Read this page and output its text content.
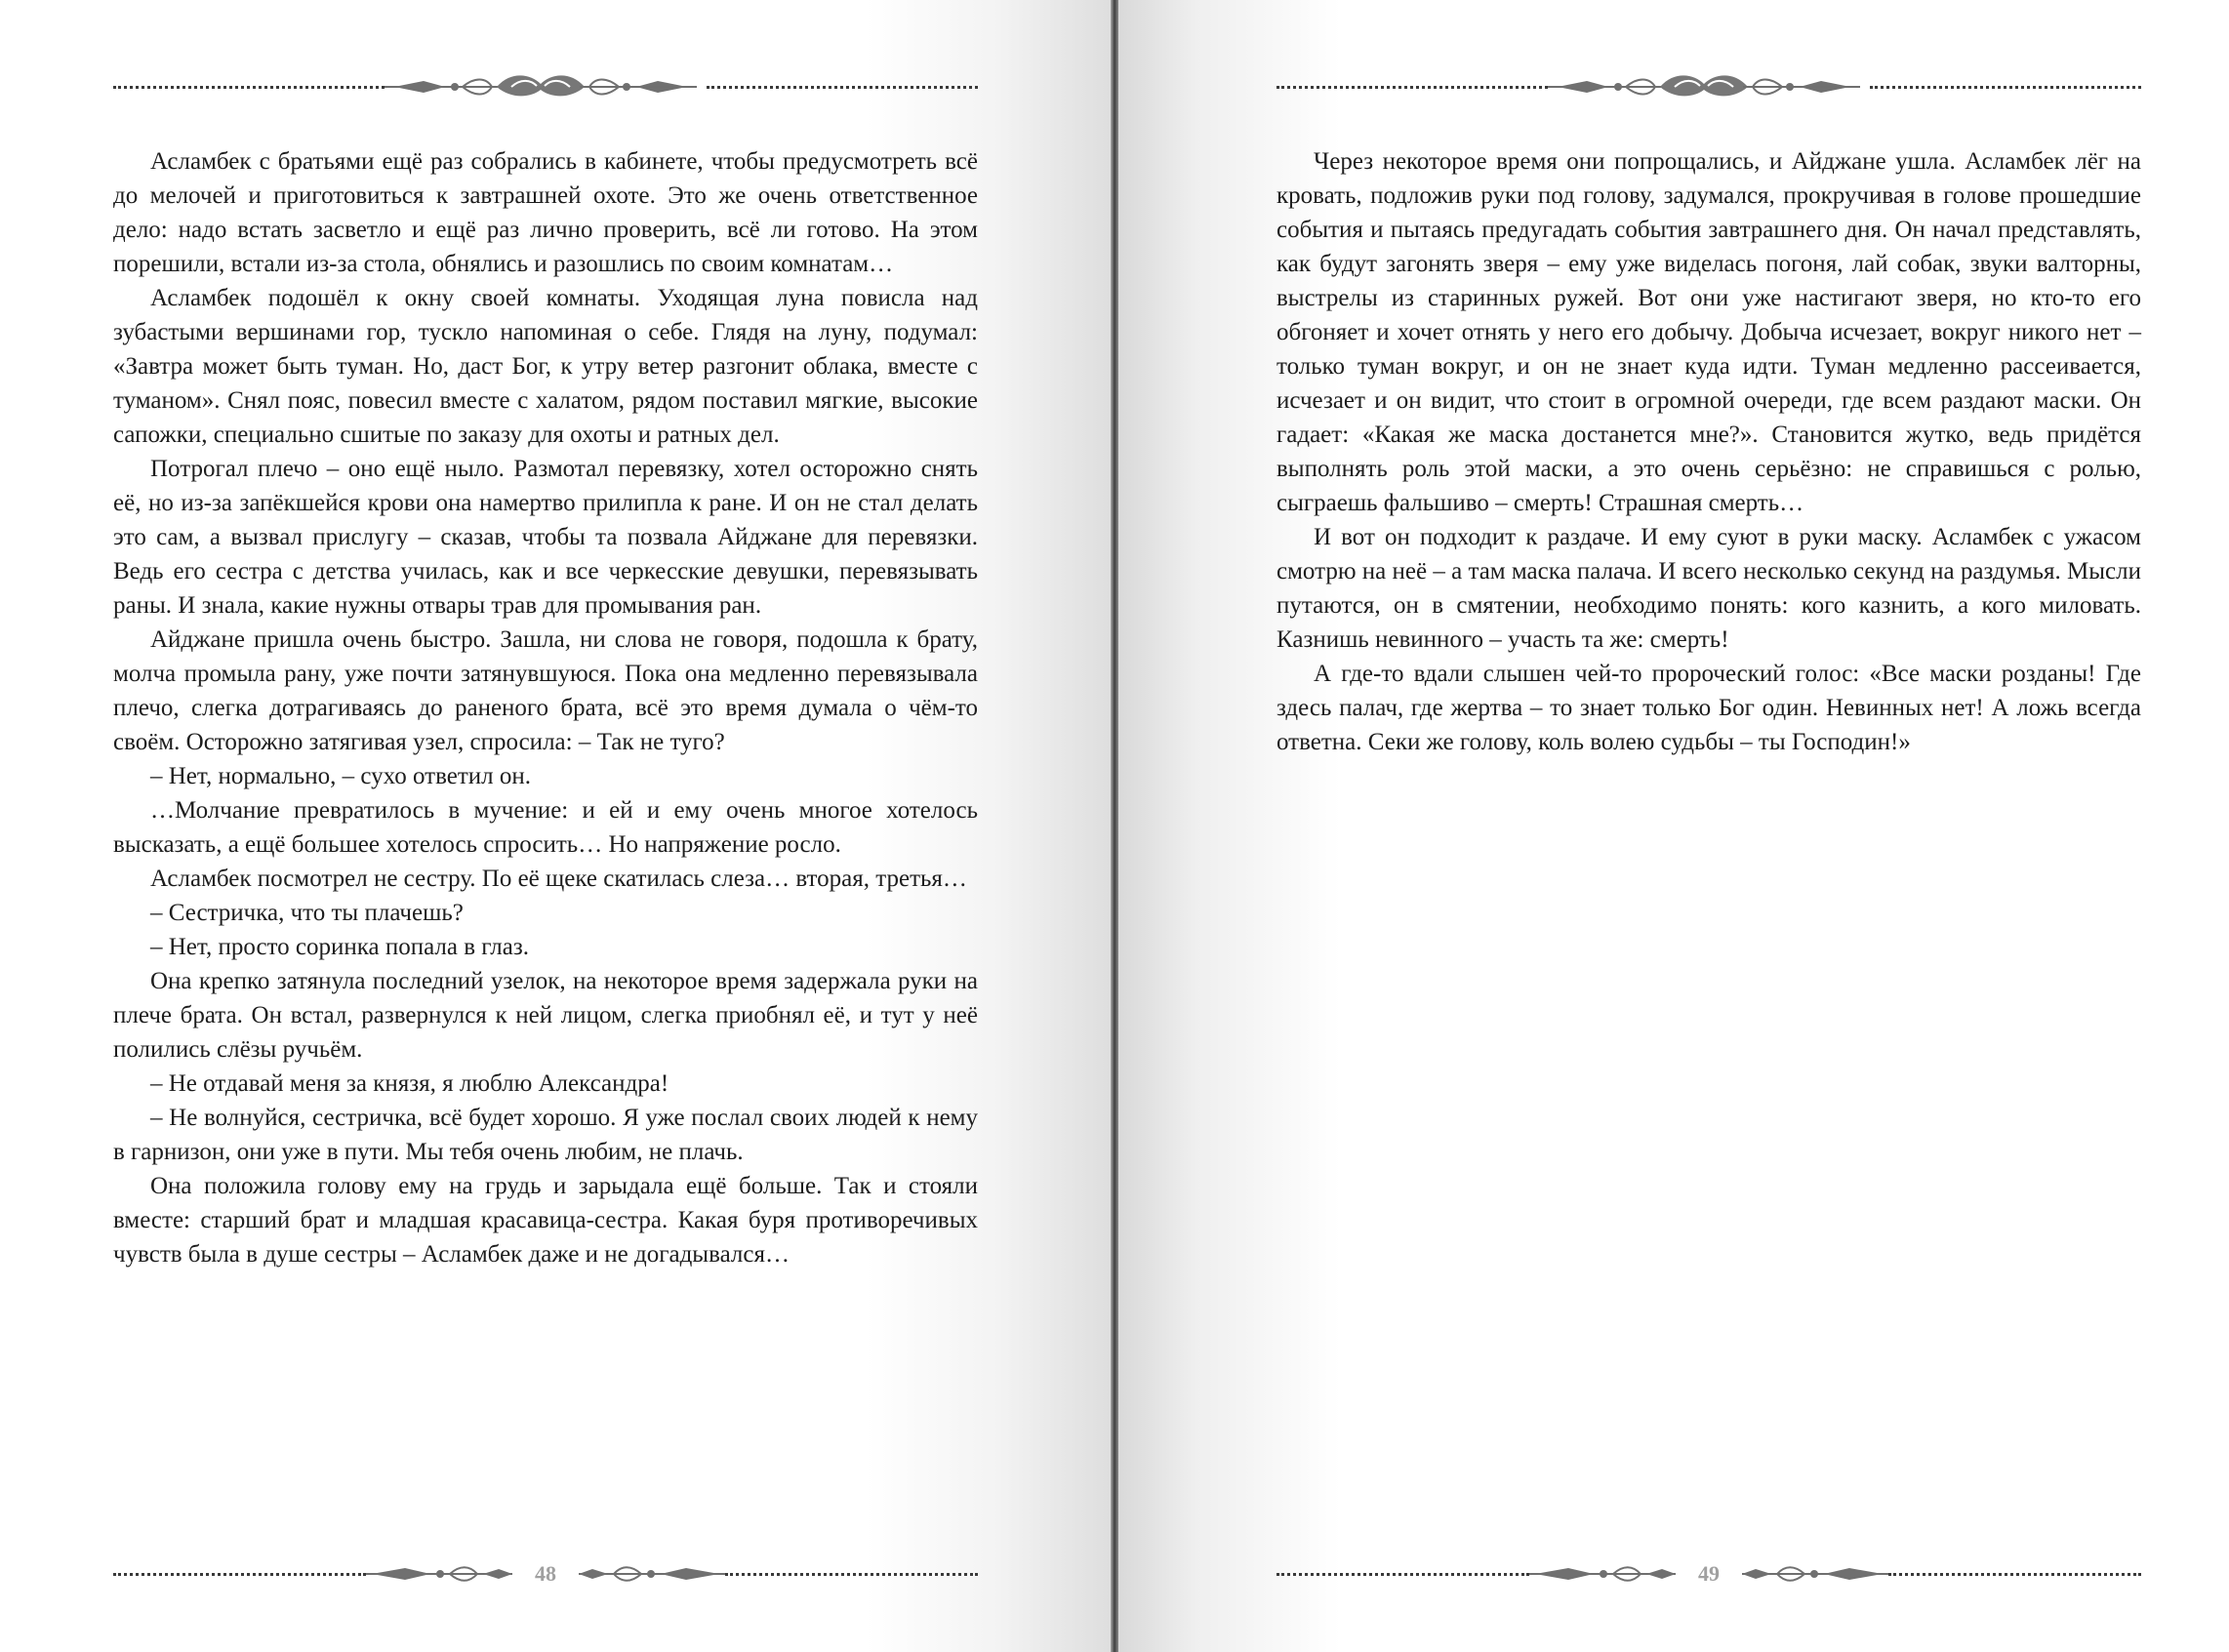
Асламбек с братьями ещё раз собрались в кабинете, чтобы предусмотреть всё до мелочей и приготовиться к завтрашней охоте. Это же очень ответственное дело: надо встать засветло и ещё раз лично проверить, всё ли готово. На этом порешили, встали из-за стола, обнялись и разошлись по своим комнатам…

Асламбек подошёл к окну своей комнаты. Уходящая луна повисла над зубастыми вершинами гор, тускло напоминая о себе. Глядя на луну, подумал: «Завтра может быть туман. Но, даст Бог, к утру ветер разгонит облака, вместе с туманом». Снял пояс, повесил вместе с халатом, рядом поставил мягкие, высокие сапожки, специально сшитые по заказу для охоты и ратных дел.

Потрогал плечо – оно ещё ныло. Размотал перевязку, хотел осторожно снять её, но из-за запёкшейся крови она намертво прилипла к ране. И он не стал делать это сам, а вызвал прислугу – сказав, чтобы та позвала Айджане для перевязки. Ведь его сестра с детства училась, как и все черкесские девушки, перевязывать раны. И знала, какие нужны отвары трав для промывания ран.

Айджане пришла очень быстро. Зашла, ни слова не говоря, подошла к брату, молча промыла рану, уже почти затянувшуюся. Пока она медленно перевязывала плечо, слегка дотрагиваясь до раненого брата, всё это время думала о чём-то своём. Осторожно затягивая узел, спросила: – Так не туго?

– Нет, нормально, – сухо ответил он.

…Молчание превратилось в мучение: и ей и ему очень многое хотелось высказать, а ещё большее хотелось спросить… Но напряжение росло.

Асламбек посмотрел не сестру. По её щеке скатилась слеза… вторая, третья…

– Сестричка, что ты плачешь?

– Нет, просто соринка попала в глаз.

Она крепко затянула последний узелок, на некоторое время задержала руки на плече брата. Он встал, развернулся к ней лицом, слегка приобнял её, и тут у неё полились слёзы ручьём.

– Не отдавай меня за князя, я люблю Александра!

– Не волнуйся, сестричка, всё будет хорошо. Я уже послал своих людей к нему в гарнизон, они уже в пути. Мы тебя очень любим, не плачь.

Она положила голову ему на грудь и зарыдала ещё больше. Так и стояли вместе: старший брат и младшая красавица-сестра. Какая буря противоречивых чувств была в душе сестры – Асламбек даже и не догадывался…

48

Через некоторое время они попрощались, и Айджане ушла. Асламбек лёг на кровать, подложив руки под голову, задумался, прокручивая в голове прошедшие события и пытаясь предугадать события завтрашнего дня. Он начал представлять, как будут загонять зверя – ему уже виделась погоня, лай собак, звуки валторны, выстрелы из старинных ружей. Вот они уже настигают зверя, но кто-то его обгоняет и хочет отнять у него его добычу. Добыча исчезает, вокруг никого нет – только туман вокруг, и он не знает куда идти. Туман медленно рассеивается, исчезает и он видит, что стоит в огромной очереди, где всем раздают маски. Он гадает: «Какая же маска достанется мне?». Становится жутко, ведь придётся выполнять роль этой маски, а это очень серьёзно: не справишься с ролью, сыграешь фальшиво – смерть! Страшная смерть…

И вот он подходит к раздаче. И ему суют в руки маску. Асламбек с ужасом смотрю на неё – а там маска палача. И всего несколько секунд на раздумья. Мысли путаются, он в смятении, необходимо понять: кого казнить, а кого миловать. Казнишь невинного – участь та же: смерть!

А где-то вдали слышен чей-то пророческий голос: «Все маски розданы! Где здесь палач, где жертва – то знает только Бог один. Невинных нет! А ложь всегда ответна. Секи же голову, коль волею судьбы – ты Господин!»

49
